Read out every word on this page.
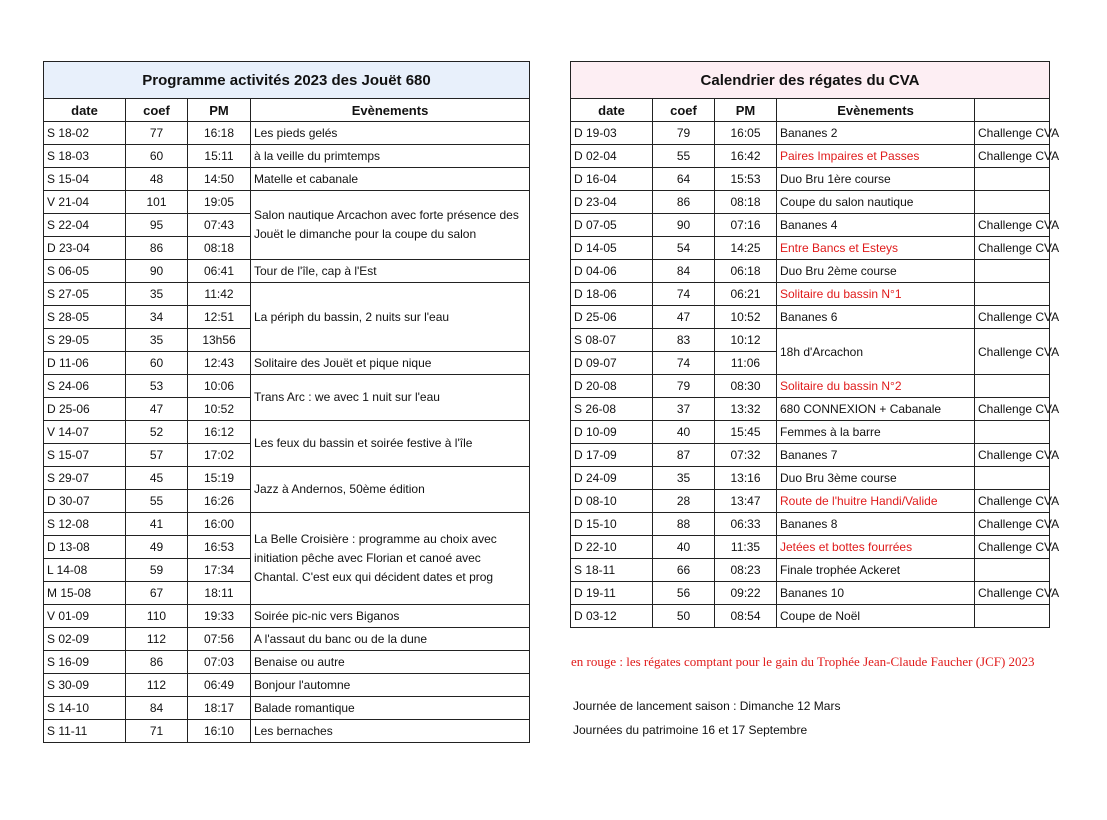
Programme activités 2023 des Jouët 680			
date	coef	PM	Evènements
S 18-02	77	16:18	Les pieds gelés
S 18-03	60	15:11	à la veille du primtemps
S 15-04	48	14:50	Matelle et cabanale
V 21-04	101	19:05	Salon nautique Arcachon avec forte présence des Jouët le dimanche pour la coupe du salon
S 22-04	95	07:43	
D 23-04	86	08:18	
S 06-05	90	06:41	Tour de l'île, cap à l'Est
S 27-05	35	11:42	La périph du bassin, 2 nuits sur l'eau
S 28-05	34	12:51	
S 29-05	35	13h56	
D 11-06	60	12:43	Solitaire des Jouët et pique nique
S 24-06	53	10:06	Trans Arc : we avec 1 nuit sur l'eau
D 25-06	47	10:52	
V 14-07	52	16:12	Les feux du bassin et soirée festive à l'île
S 15-07	57	17:02	
S 29-07	45	15:19	Jazz à Andernos, 50ème édition
D 30-07	55	16:26	
S 12-08	41	16:00	La Belle Croisière : programme au choix avec initiation pêche avec Florian et canoé avec Chantal. C'est eux qui décident dates et prog
D 13-08	49	16:53	
L 14-08	59	17:34	
M 15-08	67	18:11	
V 01-09	110	19:33	Soirée pic-nic vers Biganos
S 02-09	112	07:56	A l'assaut du banc ou de la dune
S 16-09	86	07:03	Benaise ou autre
S 30-09	112	06:49	Bonjour l'automne
S 14-10	84	18:17	Balade romantique
S 11-11	71	16:10	Les bernaches
Calendrier des régates du CVA				
date	coef	PM	Evènements	
D 19-03	79	16:05	Bananes 2	Challenge CVA
D 02-04	55	16:42	Paires Impaires et Passes	Challenge CVA
D 16-04	64	15:53	Duo Bru 1ère course	
D 23-04	86	08:18	Coupe du salon nautique	
D 07-05	90	07:16	Bananes 4	Challenge CVA
D 14-05	54	14:25	Entre Bancs et Esteys	Challenge CVA
D 04-06	84	06:18	Duo Bru 2ème course	
D 18-06	74	06:21	Solitaire du bassin N°1	
D 25-06	47	10:52	Bananes 6	Challenge CVA
S 08-07	83	10:12	18h d'Arcachon	Challenge CVA
D 09-07	74	11:06		
D 20-08	79	08:30	Solitaire du bassin N°2	
S 26-08	37	13:32	680 CONNEXION + Cabanale	Challenge CVA
D 10-09	40	15:45	Femmes à la barre	
D 17-09	87	07:32	Bananes 7	Challenge CVA
D 24-09	35	13:16	Duo Bru 3ème course	
D 08-10	28	13:47	Route de l'huitre Handi/Valide	Challenge CVA
D 15-10	88	06:33	Bananes 8	Challenge CVA
D 22-10	40	11:35	Jetées et bottes fourrées	Challenge CVA
S 18-11	66	08:23	Finale trophée Ackeret	
D 19-11	56	09:22	Bananes 10	Challenge CVA
D 03-12	50	08:54	Coupe de Noël	
en rouge : les régates comptant pour le gain du Trophée Jean-Claude Faucher (JCF) 2023
Journée de lancement saison : Dimanche 12 Mars
Journées du patrimoine 16 et 17 Septembre
